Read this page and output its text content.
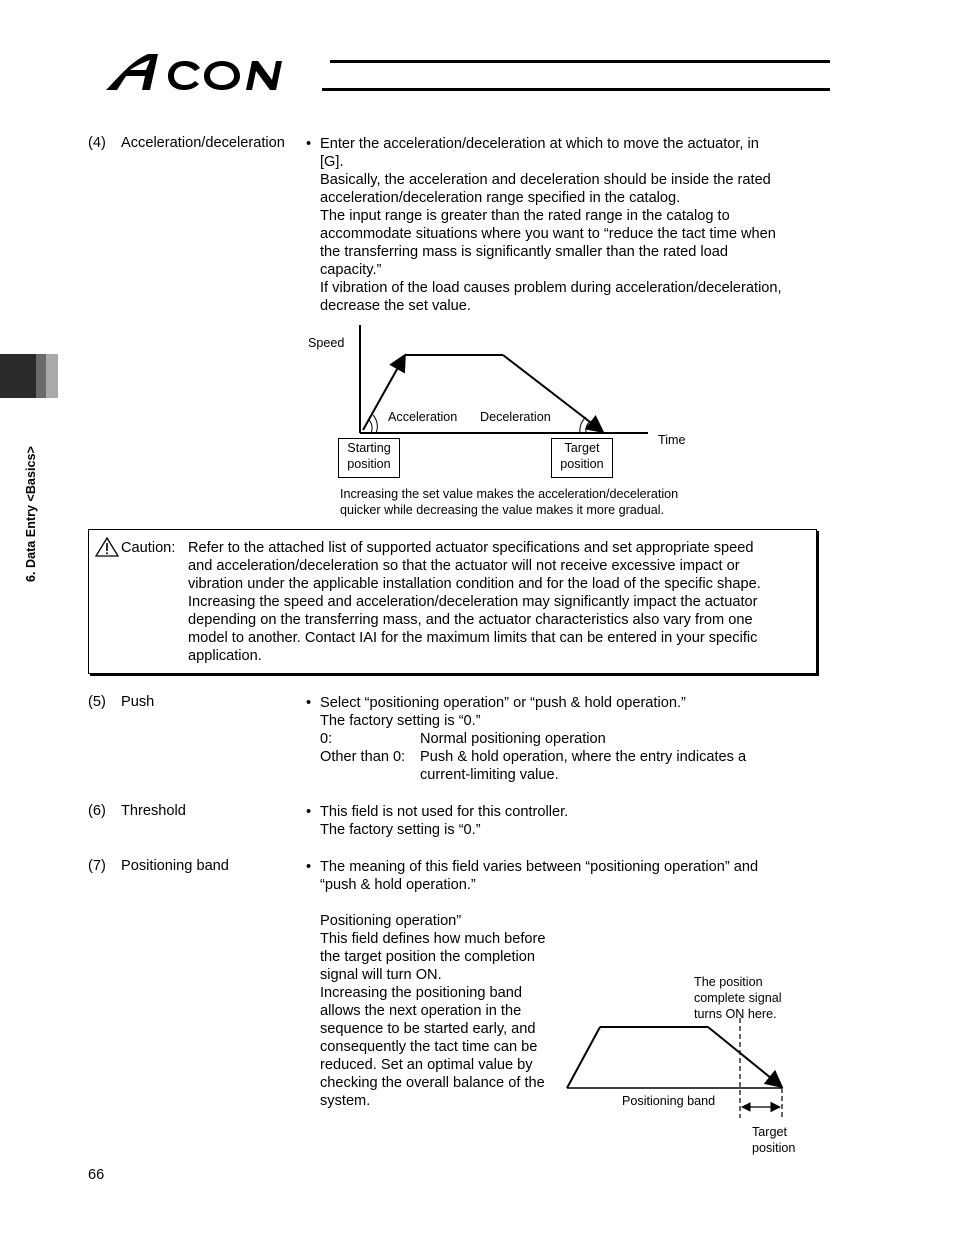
6. Data Entry <Basics>
(4) Acceleration/deceleration • Enter the acceleration/deceleration at which to move the actuator, in
[G].
Basically, the acceleration and deceleration should be inside the rated
acceleration/deceleration range specified in the catalog.
The input range is greater than the rated range in the catalog to
accommodate situations where you want to “reduce the tact time when
the transferring mass is significantly smaller than the rated load
capacity.”
If vibration of the load causes problem during acceleration/deceleration,
decrease the set value.
Speed
Time
Acceleration Deceleration
Starting
position
Target
position
Increasing the set value makes the acceleration/deceleration
quicker while decreasing the value makes it more gradual.
Caution: Refer to the attached list of supported actuator specifications and set appropriate speed
and acceleration/deceleration so that the actuator will not receive excessive impact or
vibration under the applicable installation condition and for the load of the specific shape.
Increasing the speed and acceleration/deceleration may significantly impact the actuator
depending on the transferring mass, and the actuator characteristics also vary from one
model to another. Contact IAI for the maximum limits that can be entered in your specific
application.
(5) Push	• Select “positioning operation” or “push & hold operation.”
The factory setting is “0.”
0:	Normal positioning operation
Other than 0: Push & hold operation, where the entry indicates a
current-limiting value.
(6) Threshold	• This field is not used for this controller.
The factory setting is “0.”
(7) Positioning band	• The meaning of this field varies between “positioning operation” and
“push & hold operation.”
Positioning operation”
This field defines how much before
the target position the completion
signal will turn ON.
Increasing the positioning band
allows the next operation in the
sequence to be started early, and
consequently the tact time can be
reduced. Set an optimal value by
checking the overall balance of the
system.
The position
complete signal
turns ON here.
Positioning band
Target
position
66
